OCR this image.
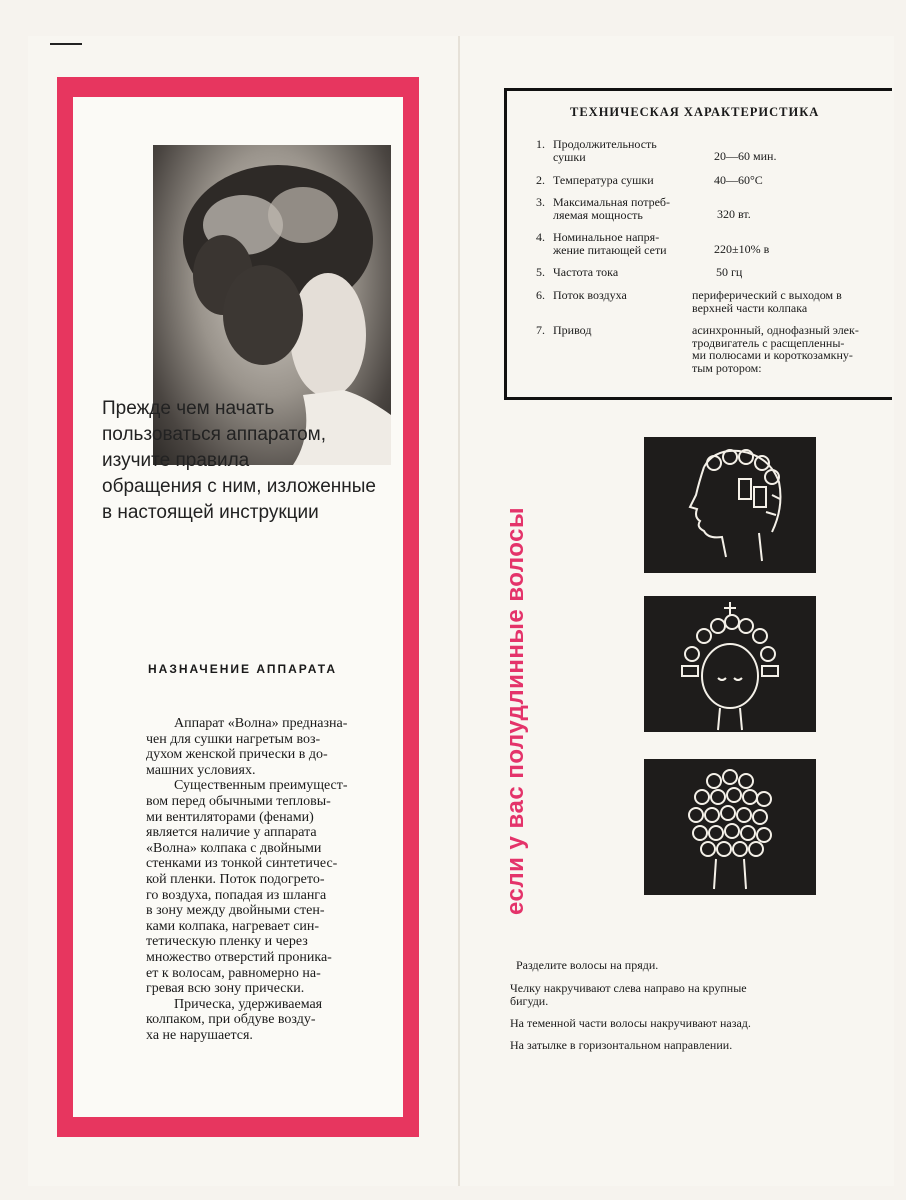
Прежде чем начать
пользоваться аппаратом,
изучите правила
обращения с ним, изложенные
в настоящей инструкции
НАЗНАЧЕНИЕ АППАРАТА
Аппарат «Волна» предназна-
чен для сушки нагретым воз-
духом женской прически в до-
машних условиях.
Существенным преимущест-
вом перед обычными тепловы-
ми вентиляторами (фенами)
является наличие у аппарата
«Волна» колпака с двойными
стенками из тонкой синтетичес-
кой пленки. Поток подогрето-
го воздуха, попадая из шланга
в зону между двойными стен-
ками колпака, нагревает син-
тетическую пленку и через
множество отверстий проника-
ет к волосам, равномерно на-
гревая всю зону прически.
Прическа, удерживаемая
колпаком, при обдуве возду-
ха не нарушается.
ТЕХНИЧЕСКАЯ ХАРАКТЕРИСТИКА
1. Продолжительность
сушки	20—60 мин.
2. Температура сушки	40—60°С
3. Максимальная потреб-
ляемая мощность	320 вт.
4. Номинальное напря-
жение питающей сети	220±10% в
5. Частота тока	50 гц
6. Поток воздуха	периферический с выходом в
верхней части колпака
7. Привод	асинхронный, однофазный элек-
тродвигатель с расщепленны-
ми полюсами и короткозамкну-
тым ротором:
если у вас полудлинные волосы
Разделите волосы на пряди.
Челку накручивают слева направо на крупные
бигуди.
На теменной части волосы накручивают назад.
На затылке в горизонтальном направлении.
